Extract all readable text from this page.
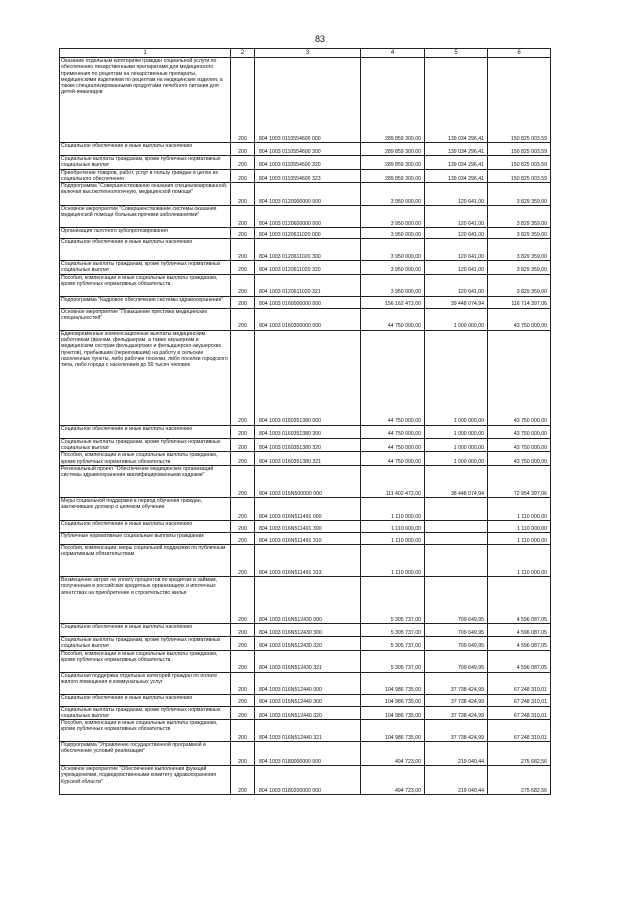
83
1	2	3	4	5	6
Оказание отдельным категориям граждан социальной услуги по обеспечению лекарственными препаратами для медицинского применения по рецептам на лекарственные препараты, медицинскими изделиями по рецептам на медицинские изделия, а также специализированными продуктами лечебного питания для детей-инвалидов	200	804 1003 0110554600 000	289 859 300,00	139 034 296,41	150 825 003,59
Социальное обеспечение и иные выплаты населению	200	804 1003 0110554600 300	289 859 300,00	139 034 296,41	150 825 003,59
Социальные выплаты гражданам, кроме публичных нормативных социальных выплат	200	804 1003 0110554600 320	289 859 300,00	139 034 296,41	150 825 003,59
Приобретение товаров, работ, услуг в пользу граждан в целях их социального обеспечения	200	804 1003 0110554600 323	289 859 300,00	139 034 296,41	150 825 003,59
Подпрограмма "Совершенствование оказания специализированной, включая высокотехнологичную, медицинской помощи"	200	804 1003 0120000000 000	3 950 000,00	120 641,00	3 829 359,00
Основное мероприятие "Совершенствование системы оказания медицинской помощи больным прочими заболеваниями"	200	804 1003 0120600000 000	3 950 000,00	120 641,00	3 829 359,00
Организация льготного зубопротезирования	200	804 1003 0120611020 000	3 950 000,00	120 641,00	3 829 359,00
Социальное обеспечение и иные выплаты населению	200	804 1003 0120611020 300	3 950 000,00	120 641,00	3 829 359,00
Социальные выплаты гражданам, кроме публичных нормативных социальных выплат	200	804 1003 0120611020 320	3 950 000,00	120 641,00	3 829 359,00
Пособия, компенсации и иные социальные выплаты гражданам, кроме публичных нормативных обязательств	200	804 1003 0120611020 321	3 950 000,00	120 641,00	3 829 359,00
Подпрограмма "Кадровое обеспечение системы здравоохранения"	200	804 1003 0160000000 000	156 162 472,00	39 448 074,94	116 714 397,06
Основное мероприятие "Повышение престижа медицинских специальностей"	200	804 1003 0160300000 000	44 750 000,00	1 000 000,00	43 750 000,00
Единовременные компенсационные выплаты медицинским работникам (врачам, фельдшерам, а также акушеркам и медицинским сестрам фельдшерских и фельдшерско-акушерских пунктов), прибывшим (переехавшим) на работу в сельские населенные пункты, либо рабочие поселки, либо поселки городского типа, либо города с населением до 50 тысяч человек	200	804 1003 0160351380 000	44 750 000,00	1 000 000,00	43 750 000,00
Социальное обеспечение и иные выплаты населению	200	804 1003 0160351380 300	44 750 000,00	1 000 000,00	43 750 000,00
Социальные выплаты гражданам, кроме публичных нормативных социальных выплат	200	804 1003 0160351380 320	44 750 000,00	1 000 000,00	43 750 000,00
Пособия, компенсации и иные социальные выплаты гражданам, кроме публичных нормативных обязательств	200	804 1003 0160351380 321	44 750 000,00	1 000 000,00	43 750 000,00
Региональный проект "Обеспечение медицинских организаций системы здравоохранения квалифицированными кадрами"	200	804 1003 016N500000 000	111 402 472,00	38 448 074,94	72 954 397,06
Меры социальной поддержки в период обучения граждан, заключивших договор о целевом обучении	200	804 1003 016N511491 000	1 110 000,00		1 110 000,00
Социальное обеспечение и иные выплаты населению	200	804 1003 016N511491 300	1 110 000,00		1 110 000,00
Публичные нормативные социальные выплаты гражданам	200	804 1003 016N511491 310	1 110 000,00		1 110 000,00
Пособия, компенсации, меры социальной поддержки по публичным нормативным обязательствам	200	804 1003 016N511491 313	1 110 000,00		1 110 000,00
Возмещение затрат на уплату процентов по кредитам и займам, полученным в российских кредитных организациях и ипотечных агентствах на приобретение и строительство жилья	200	804 1003 016N512430 000	5 305 737,00	709 649,95	4 596 087,05
Социальное обеспечение и иные выплаты населению	200	804 1003 016N512430 300	5 305 737,00	709 649,95	4 596 087,05
Социальные выплаты гражданам, кроме публичных нормативных социальных выплат	200	804 1003 016N512430 320	5 305 737,00	709 649,95	4 596 087,05
Пособия, компенсации и иные социальные выплаты гражданам, кроме публичных нормативных обязательств	200	804 1003 016N512430 321	5 305 737,00	709 649,95	4 596 087,05
Социальная поддержка отдельных категорий граждан по оплате жилого помещения и коммунальных услуг	200	804 1003 016N512440 000	104 986 735,00	37 738 424,99	67 248 310,01
Социальное обеспечение и иные выплаты населению	200	804 1003 016N512440 300	104 986 735,00	37 738 424,99	67 248 310,01
Социальные выплаты гражданам, кроме публичных нормативных социальных выплат	200	804 1003 016N512440 320	104 986 735,00	37 738 424,99	67 248 310,01
Пособия, компенсации и иные социальные выплаты гражданам, кроме публичных нормативных обязательств	200	804 1003 016N512440 321	104 986 735,00	37 738 424,99	67 248 310,01
Подпрограмма "Управление государственной программой и обеспечение условий реализации"	200	804 1003 0180000000 000	494 723,00	219 040,44	275 682,56
Основное мероприятие "Обеспечение выполнения функций учреждениями, подведомственными комитету здравоохранения Курской области"	200	804 1003 0180200000 000	494 723,00	219 040,44	275 682,56
